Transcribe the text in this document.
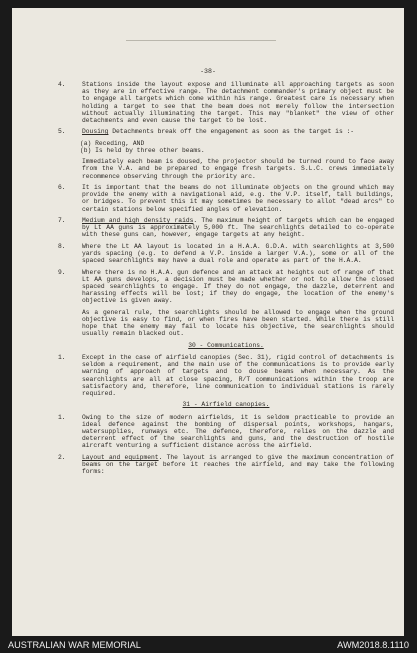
-38-
4.	Stations inside the layout expose and illuminate all approaching targets as soon as they are in effective range. The detachment commander's primary object must be to engage all targets which come within his range. Greatest care is necessary when holding a target to see that the beam does not merely follow the intersection without actually illuminating the target. This may "blanket" the view of other detachments and even cause the target to be lost.
5.	Dousing Detachments break off the engagement as soon as the target is :-
(a) Receding, AND
(b) Is held by three other beams.
Immediately each beam is doused, the projector should be turned round to face away from the V.A. and be prepared to engage fresh targets. S.L.C. crews immediately recommence observing through the priority arc.
6.	It is important that the beams do not illuminate objects on the ground which may provide the enemy with a navigational aid, e.g. the V.P. itself, tall buildings, or bridges. To prevent this it may sometimes be necessary to allot "dead arcs" to certain stations below specified angles of elevation.
7.	Medium and high density raids. The maximum height of targets which can be engaged by Lt AA guns is approximately 5,000 ft. The searchlights detailed to co-operate with these guns can, however, engage targets at any height.
8.	Where the Lt AA layout is located in a H.A.A. G.D.A. with searchlights at 3,500 yards spacing (e.g. to defend a V.P. inside a larger V.A.), some or all of the spaced searchlights may have a dual role and operate as part of the H.A.A.
9.	Where there is no H.A.A. gun defence and an attack at heights out of range of that Lt AA guns develops, a decision must be made whether or not to allow the closed spaced searchlights to engage. If they do not engage, the dazzle, deterrent and harassing effects will be lost; if they do engage, the location of the enemy's objective is given away.
As a general rule, the searchlights should be allowed to engage when the ground objective is easy to find, or when fires have been started. While there is still hope that the enemy may fail to locate his objective, the searchlights should usually remain blacked out.
30 - Communications.
1.	Except in the case of airfield canopies (Sec. 31), rigid control of detachments is seldom a requirement, and the main use of the communications is to provide early warning of approach of targets and to douse beams when necessary. As the searchlights are all at close spacing, R/T communications within the troop are satisfactory and, therefore, line communication to individual stations is rarely required.
31 - Airfield canopies.
1.	Owing to the size of modern airfields, it is seldom practicable to provide an ideal defence against the bombing of dispersal points, workshops, hangars, watersupplies, runways etc. The defence, therefore, relies on the dazzle and deterrent effect of the searchlights and guns, and the destruction of hostile aircraft venturing a sufficient distance across the airfield.
2.	Layout and equipment. The layout is arranged to give the maximum concentration of beams on the target before it reaches the airfield, and may take the following forms:
AUSTRALIAN WAR MEMORIAL	AWM2018.8.1110
